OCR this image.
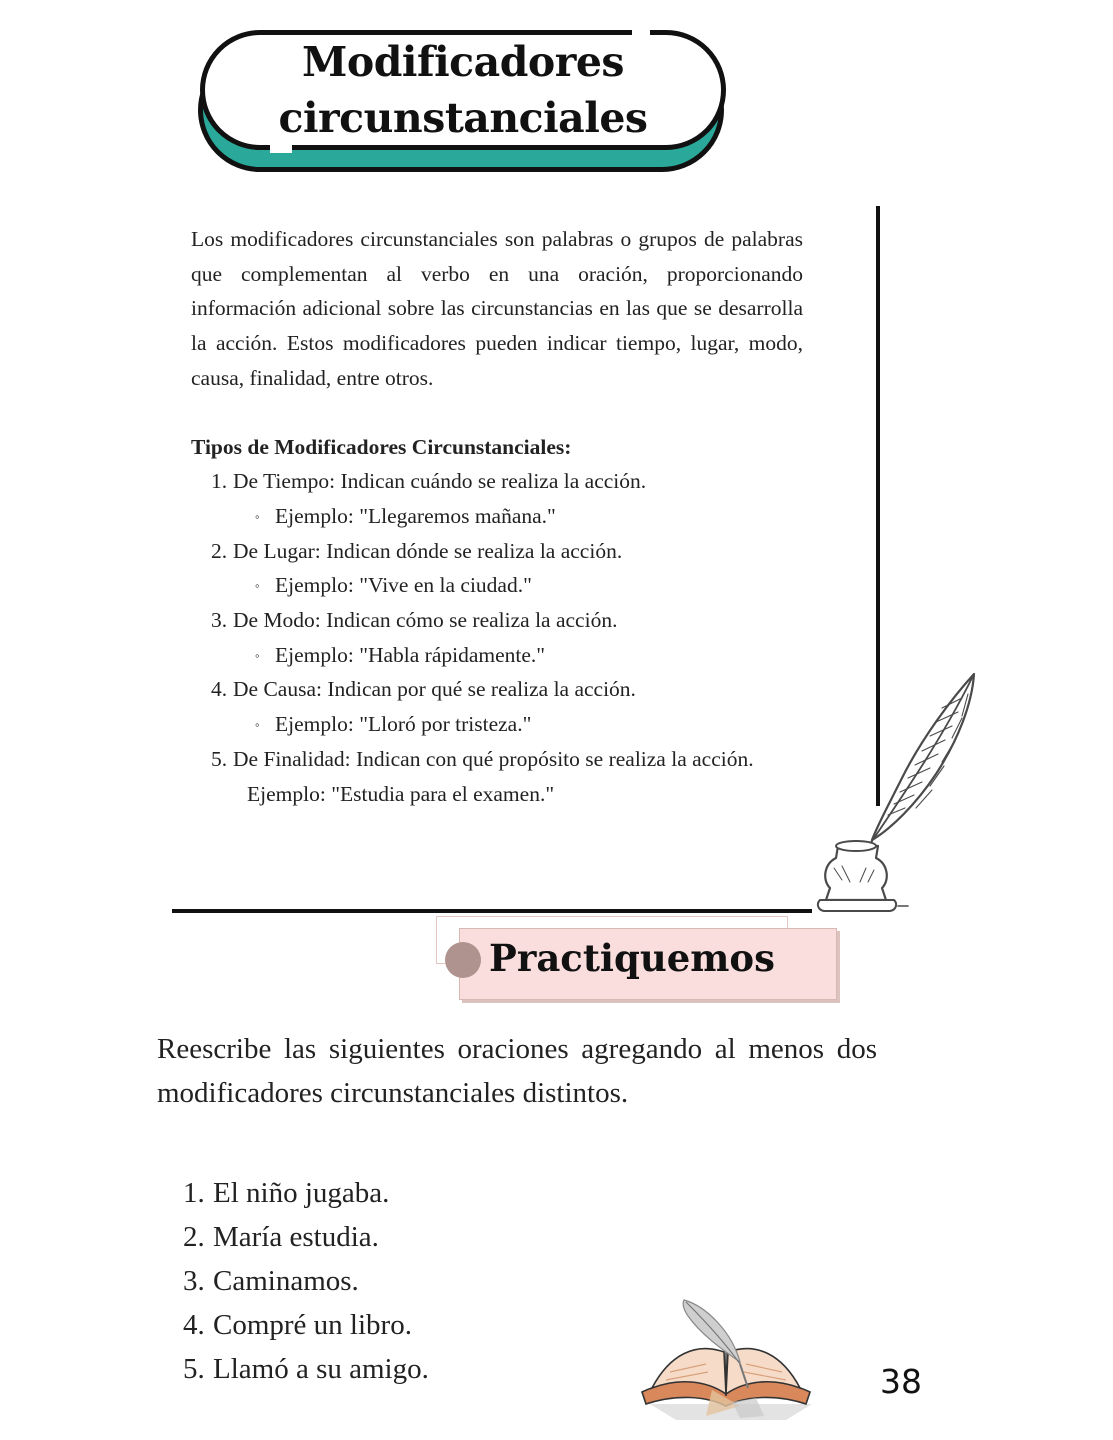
Modificadores
circunstanciales

Los modificadores circunstanciales son palabras o grupos de palabras que complementan al verbo en una oración, proporcionando información adicional sobre las circunstancias en las que se desarrolla la acción. Estos modificadores pueden indicar tiempo, lugar, modo, causa, finalidad, entre otros.

Tipos de Modificadores Circunstanciales:

1. De Tiempo: Indican cuándo se realiza la acción.
◦ Ejemplo: "Llegaremos mañana."
2. De Lugar: Indican dónde se realiza la acción.
◦ Ejemplo: "Vive en la ciudad."
3. De Modo: Indican cómo se realiza la acción.
◦ Ejemplo: "Habla rápidamente."
4. De Causa: Indican por qué se realiza la acción.
◦ Ejemplo: "Lloró por tristeza."
5. De Finalidad: Indican con qué propósito se realiza la acción.
Ejemplo: "Estudia para el examen."
Practiquemos

Reescribe las siguientes oraciones agregando al menos dos modificadores circunstanciales distintos.

1. El niño jugaba.
2. María estudia.
3. Caminamos.
4. Compré un libro.
5. Llamó a su amigo.	38
